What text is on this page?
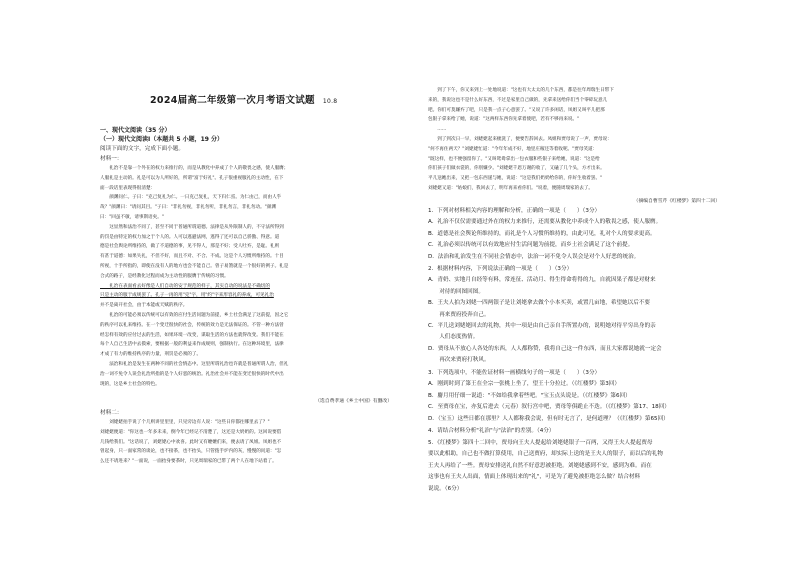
2024届高二年级第一次月考语文试题 10.8
一、现代文阅读（35 分）
（一）现代文阅读Ⅰ（本题共 5 小题，19 分）
阅读下面的文字，完成下面小题。
材料一：
　　礼治不是靠一个外在的权力来推行的，而是从教化中养成了个人的敬畏之感，使人服膺；
人服礼是主动的。礼是可以为人所好的，所谓"富于好礼"。孔子很重视服礼的主动性，在下
面一段话里表现得很清楚：
　　颜渊问仁。子曰："克己复礼为仁。一日克己复礼，天下归仁焉。为仁由己，而由人乎
哉？"颜渊曰："请问其目。"子曰："非礼勿视，非礼勿听，非礼勿言，非礼勿动。"颜渊
曰："回虽不敏，请事斯语矣。"
　　这显然和法治不同了，甚至不同于普通所谓道德。法律是从外限制人的，不守法所得到
的罚是由特定的权力加之于个人的。人可以逃避法网，逃得了还可以自己骄傲、得意。道
德是社会舆论所维持的，做了不道德的事，见不得人，那是不好；受人吐弃，是耻。礼则
有甚于道德：如果失礼，不但不好，而且不对、不合、不成。这是个人习惯所维持的。十目
所视，十手所指的，即使在没有人的地方也会不能自己。曾子易箦就是一个很好的例子。礼是
合式的路子，是经教化过程而成为主动性的服膺于传统的习惯。
　　礼治在表面看去好像是人们自动的安于规范的样子，其实自动的说法是不确切的
只是主动的服于成规罢了。孔子一再的用"克"字，用"约"字来形容礼的养成，可见礼治
并不是离开社会，由于本能或天赋的秩序。
　　礼治的可能必须以传统可以有效的应付生活问题为前提，乡土社会满足了这前提，因之它
的秩序可以礼来维持。在一个变迁很快的社会，传统的效力是无法保证的。不管一种方法曾
经怎样有效的应付过去的生活，如果环境一改变，谋取生活的方法也就得改变。我们不能在
每个人自己生活中去摸索，要根据一般的利益来作成规则，强制执行。在这种环境里，法律
才成了有力的维持秩序的力量，刑罚是必须的了。
　　法治和礼治是发生在两种不同的社会情态中。这里所谓礼治也许就是普通所谓人治，但礼
治一词不免令人误会礼治所指的是个人好恶的统治。礼治社会并不能在变迁很快的时代中出
现的，这是乡土社会的特色。
（选自费孝通《乡土中国》有删改）
材料二：
　　刘姥姥拍手说了个几则讲里里里，只见旁边有人说："这些日你都往哪里去了？"
刘姥姥便道："你这也一年多未来，倒今年已经记不清楚了，这还是大奶奶的。这回说要借
几钱给我们。"这话说了，刘姥姥心中欢喜。此时又有嬷嬷们来，便去请了凤姐。凤姐也不
曾起身，只一面家常的谈论，也不接茶，也不抬头，只管拨手炉内的灰，慢慢的问道："怎
么还不请进来？"一面说，一面抬身要茶时，只见周瑞家的已带了两个人在地下站着了。
　　到了下午，你又来到上一处地说道："这也有大太太的几个东西，都是往年周瑞生日带下
来的，我说这也不是什么好东西，不过是家里自己做的，先拿来送给你们当个零碎玩意儿
吧。你们可莫嫌弃了吧，只是我一点子心意罢了。"又说了许多闲话，凤姐又叫平儿把那
包银子拿来给了她，说道："这两样东西你先拿着使吧，若有不够再来说。"
　　……
　　到了到次日一早，刘姥姥起来梳洗了，便要告辞回去。凤姐和贾母说了一声，贾母说：
"何不再住两天？"刘姥姥忙道："今年年成不好，地里庄稼还等着收呢。"贾母笑道：
"既这样，也不便强留你了。"又叫鸳鸯拿出一包衣服和些银子来给她，说道："这是给
你们孩子们做衣裳的，你别嫌少。"刘姥姥千恩万谢的收了，又磕了几个头，方才出来。
平儿送她出来，又把一包东西递与她，说道："这是我们奶奶给你的，你好生收着罢。"
刘姥姥又道："姑娘们，我回去了，明年再来看你们。"说着，便随周瑞家的去了。
（摘编自曹雪芹《红楼梦》第四十二回）
1．下列对材料相关内容的理解和分析，正确的一项是（　　）（3分）
A．礼治不仅仅需要通过外在的权力来推行，还需要从教化中养成个人的敬畏之感，使人服膺。
B．道德是社会舆论所维持的，而礼是个人习惯所维持的，由此可见，礼对个人的要求更高。
C．礼治必须以传统可以有效地应付生活问题为前提，而乡土社会满足了这个前提。
D．法治和礼治发生在不同社会情态中，法治一词不免令人误会是对个人好恶的统治。
2．根据材料内容，下列说法正确的一项是（　　）（3分）
A．青奶、实地月自经等有料，常连征、活动月、得生得命将得的九，自就因果子都是对财来
　　对待的回图回图。
B．王夫人拍为刘姥一四两银子是让刘姥拿去做个小本买卖，或置几亩地，希望她以后不要
　　再来贾府投奔自己。
C．平儿送刘姥姥回去的礼物，其中一项是由自己亲自手所置办的，说明她对待平穷出身的亲
　　人们态度热情。
D．贾母从不放心人各处的东西，人人都称赞，我将自己这一件东西，而且大家都说她就一定会
　　再次来贾府打秋风。
3．下列选项中，不能佐证材料一画横线句子的一项是（　　）（3分）
A．刚到时到了第王在全宗一张桃上坐了，望王十分拉过。（《红楼梦》第3回）
B．麝月用仔细一说道："不如给我拿着些吧。"宝玉点头说是。（《红楼梦》第6回）
C．至贾母在宝，亦复后进去（元春）叙行宫中吧，贾母等俱跪止不迭。（《红楼梦》第17、18回）
D．（宝玉）这些日都在那里？人人都称我会说，但有时无言了，是何道理？（《红楼梦》第65回）
4．请结合材料分析"礼治"与"法治"的差别。（4分）
5．《红楼梦》第四十二回中，贾母向王夫人提起给刘姥姥银子一百两，又得王夫人提起贾母
要以此相助，自己也不做打算使用，自己送贾府，却实际上送的是王夫人的银子，而以后的礼物
王夫人再给了一些。贾母安排送礼自然不好意思被拒绝。刘姥姥感到不安，感到为难。而在
这事也有王夫人出面，情面上体现出来的"礼"，可是为了避免被拒绝怎么做？结合材料
说说。（6分）
